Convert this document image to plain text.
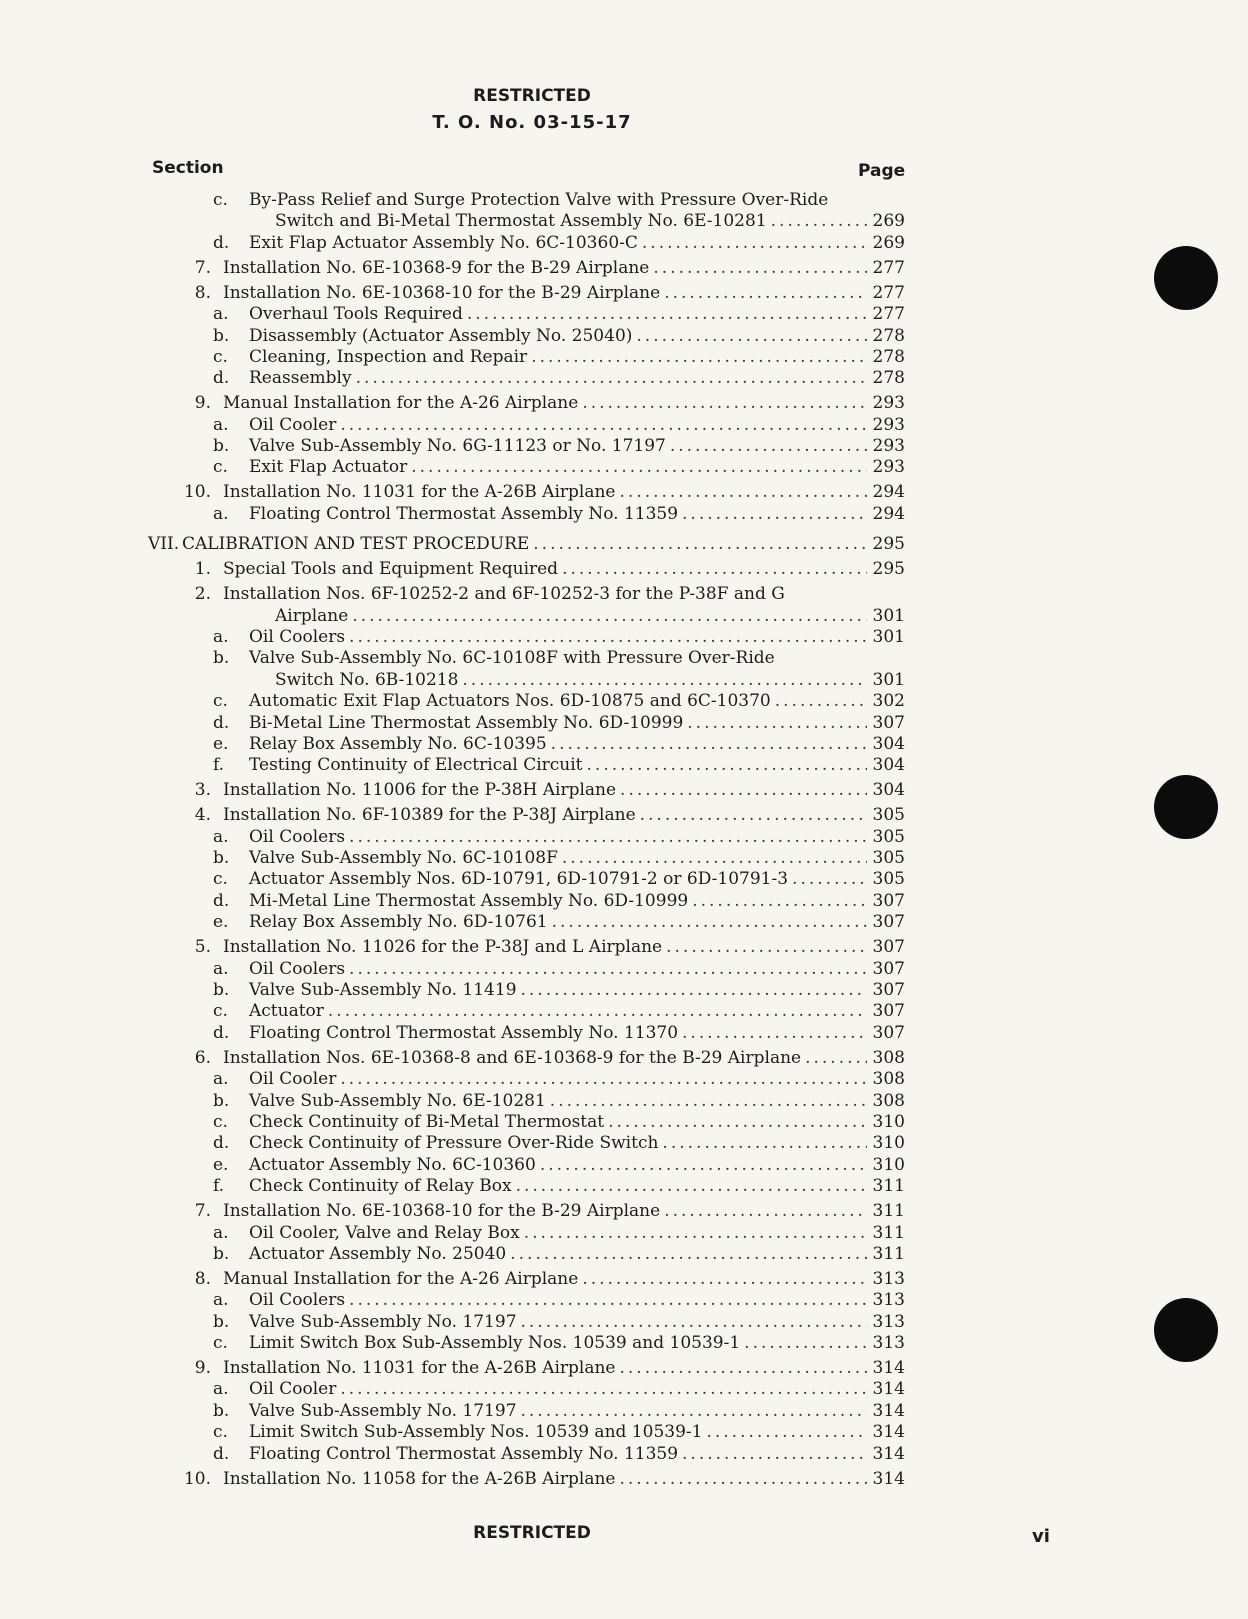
RESTRICTED
T. O. No. 03-15-17
Section	Page
c.	By-Pass Relief and Surge Protection Valve with Pressure Over-Ride
Switch and Bi-Metal Thermostat Assembly No. 6E-10281 .....	269
d.	Exit Flap Actuator Assembly No. 6C-10360-C .....	269
7. Installation No. 6E-10368-9 for the B-29 Airplane .....	277
8. Installation No. 6E-10368-10 for the B-29 Airplane .....	277
a.	Overhaul Tools Required .....	277
b.	Disassembly (Actuator Assembly No. 25040) .....	278
c.	Cleaning, Inspection and Repair .....	278
d.	Reassembly .....	278
9. Manual Installation for the A-26 Airplane .....	293
a.	Oil Cooler .....	293
b.	Valve Sub-Assembly No. 6G-11123 or No. 17197 .....	293
c.	Exit Flap Actuator .....	293
10. Installation No. 11031 for the A-26B Airplane .....	294
a.	Floating Control Thermostat Assembly No. 11359 .....	294
VII. CALIBRATION AND TEST PROCEDURE .....	295
1. Special Tools and Equipment Required .....	295
2. Installation Nos. 6F-10252-2 and 6F-10252-3 for the P-38F and G
Airplane .....	301
a.	Oil Coolers .....	301
b.	Valve Sub-Assembly No. 6C-10108F with Pressure Over-Ride
Switch No. 6B-10218 .....	301
c.	Automatic Exit Flap Actuators Nos. 6D-10875 and 6C-10370 .....	302
d.	Bi-Metal Line Thermostat Assembly No. 6D-10999 .....	307
e.	Relay Box Assembly No. 6C-10395 .....	304
f.	Testing Continuity of Electrical Circuit .....	304
3. Installation No. 11006 for the P-38H Airplane .....	304
4. Installation No. 6F-10389 for the P-38J Airplane .....	305
a.	Oil Coolers .....	305
b.	Valve Sub-Assembly No. 6C-10108F .....	305
c.	Actuator Assembly Nos. 6D-10791, 6D-10791-2 or 6D-10791-3 .....	305
d.	Mi-Metal Line Thermostat Assembly No. 6D-10999 .....	307
e.	Relay Box Assembly No. 6D-10761 .....	307
5. Installation No. 11026 for the P-38J and L Airplane .....	307
a.	Oil Coolers .....	307
b.	Valve Sub-Assembly No. 11419 .....	307
c.	Actuator .....	307
d.	Floating Control Thermostat Assembly No. 11370 .....	307
6. Installation Nos. 6E-10368-8 and 6E-10368-9 for the B-29 Airplane .....	308
a.	Oil Cooler .....	308
b.	Valve Sub-Assembly No. 6E-10281 .....	308
c.	Check Continuity of Bi-Metal Thermostat .....	310
d.	Check Continuity of Pressure Over-Ride Switch .....	310
e.	Actuator Assembly No. 6C-10360 .....	310
f.	Check Continuity of Relay Box .....	311
7. Installation No. 6E-10368-10 for the B-29 Airplane .....	311
a.	Oil Cooler, Valve and Relay Box .....	311
b.	Actuator Assembly No. 25040 .....	311
8. Manual Installation for the A-26 Airplane .....	313
a.	Oil Coolers .....	313
b.	Valve Sub-Assembly No. 17197 .....	313
c.	Limit Switch Box Sub-Assembly Nos. 10539 and 10539-1 .....	313
9. Installation No. 11031 for the A-26B Airplane .....	314
a.	Oil Cooler .....	314
b.	Valve Sub-Assembly No. 17197 .....	314
c.	Limit Switch Sub-Assembly Nos. 10539 and 10539-1 .....	314
d.	Floating Control Thermostat Assembly No. 11359 .....	314
10. Installation No. 11058 for the A-26B Airplane .....	314
RESTRICTED	vi
